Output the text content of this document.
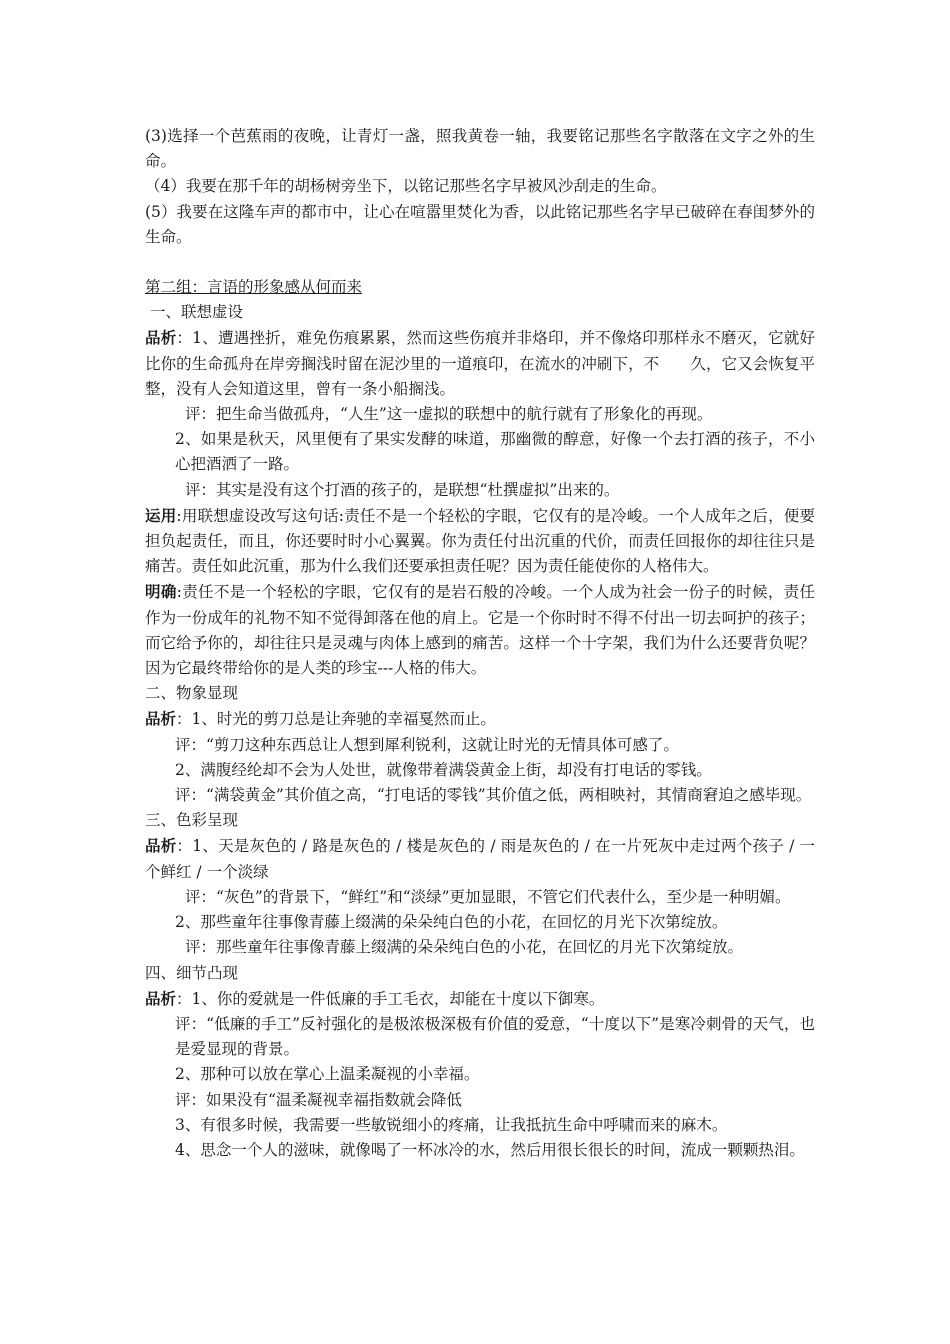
(3)选择一个芭蕉雨的夜晚，让青灯一盏，照我黄卷一轴，我要铭记那些名字散落在文字之外的生命。

（4）我要在那千年的胡杨树旁坐下，以铭记那些名字早被风沙刮走的生命。

(5）我要在这隆车声的都市中，让心在喧嚣里焚化为香，以此铭记那些名字早已破碎在春闺梦外的生命。

第二组：言语的形象感从何而来

一、联想虚设

品析：1、遭遇挫折，难免伤痕累累，然而这些伤痕并非烙印，并不像烙印那样永不磨灭，它就好比你的生命孤舟在岸旁搁浅时留在泥沙里的一道痕印，在流水的冲刷下，不　　久，它又会恢复平整，没有人会知道这里，曾有一条小船搁浅。

评：把生命当做孤舟，“人生”这一虚拟的联想中的航行就有了形象化的再现。

2、如果是秋天，风里便有了果实发酵的味道，那幽微的醇意，好像一个去打酒的孩子，不小心把酒洒了一路。

评：其实是没有这个打酒的孩子的，是联想“杜撰虚拟”出来的。

运用:用联想虚设改写这句话:责任不是一个轻松的字眼，它仅有的是冷峻。一个人成年之后，便要担负起责任，而且，你还要时时小心翼翼。你为责任付出沉重的代价，而责任回报你的却往往只是痛苦。责任如此沉重，那为什么我们还要承担责任呢？因为责任能使你的人格伟大。

明确:责任不是一个轻松的字眼，它仅有的是岩石般的冷峻。一个人成为社会一份子的时候，责任作为一份成年的礼物不知不觉得卸落在他的肩上。它是一个你时时不得不付出一切去呵护的孩子；而它给予你的，却往往只是灵魂与肉体上感到的痛苦。这样一个十字架，我们为什么还要背负呢？因为它最终带给你的是人类的珍宝---人格的伟大。

二、物象显现

品析：1、时光的剪刀总是让奔驰的幸福戛然而止。

评：“剪刀这种东西总让人想到犀利锐利，这就让时光的无情具体可感了。

2、满腹经纶却不会为人处世，就像带着满袋黄金上街，却没有打电话的零钱。

评：“满袋黄金”其价值之高，“打电话的零钱”其价值之低，两相映衬，其情商窘迫之感毕现。

三、色彩呈现

品析：1、天是灰色的 / 路是灰色的 / 楼是灰色的 / 雨是灰色的 / 在一片死灰中走过两个孩子 / 一个鲜红 / 一个淡绿

评：“灰色”的背景下，“鲜红”和“淡绿”更加显眼，不管它们代表什么，至少是一种明媚。

2、那些童年往事像青藤上缀满的朵朵纯白色的小花，在回忆的月光下次第绽放。

评：那些童年往事像青藤上缀满的朵朵纯白色的小花，在回忆的月光下次第绽放。

四、细节凸现

品析：1、你的爱就是一件低廉的手工毛衣，却能在十度以下御寒。

评：“低廉的手工”反衬强化的是极浓极深极有价值的爱意，“十度以下”是寒冷刺骨的天气，也是爱显现的背景。

2、那种可以放在掌心上温柔凝视的小幸福。

评：如果没有“温柔凝视幸福指数就会降低

3、有很多时候，我需要一些敏锐细小的疼痛，让我抵抗生命中呼啸而来的麻木。

4、思念一个人的滋味，就像喝了一杯冰冷的水，然后用很长很长的时间，流成一颗颗热泪。
